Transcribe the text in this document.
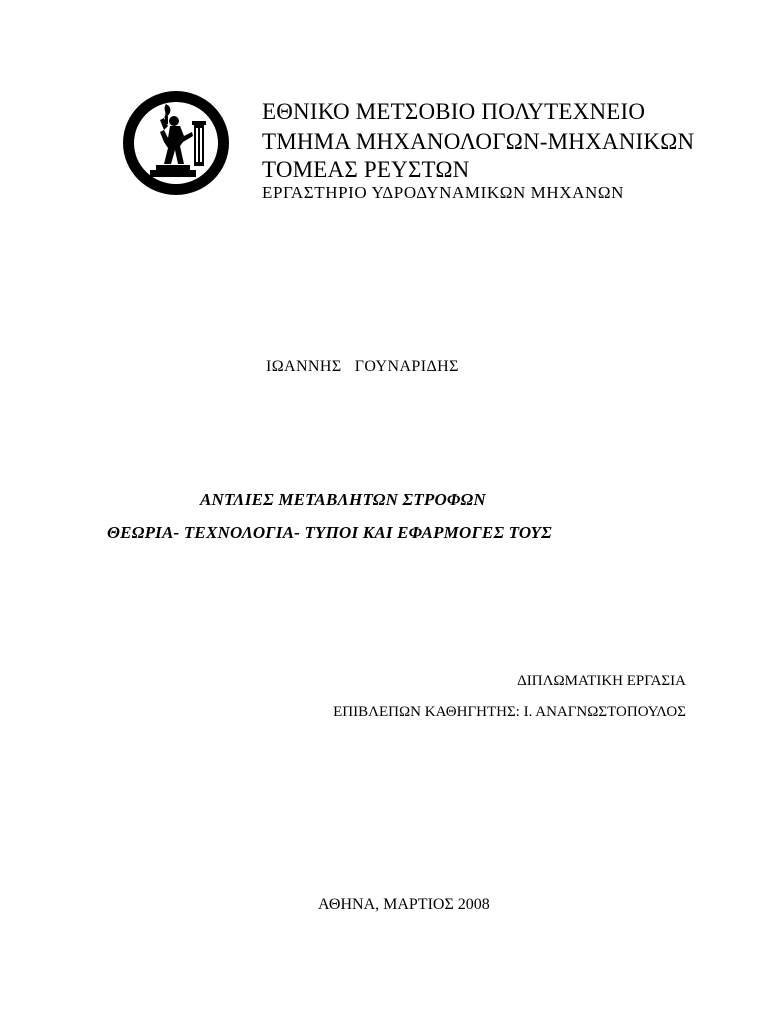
ΕΘΝΙΚΟ ΜΕΤΣΟΒΙΟ ΠΟΛΥΤΕΧΝΕΙΟ
ΤΜΗΜΑ ΜΗΧΑΝΟΛΟΓΩΝ-ΜΗΧΑΝΙΚΩΝ
ΤΟΜΕΑΣ ΡΕΥΣΤΩΝ
ΕΡΓΑΣΤΗΡΙΟ ΥΔΡΟΔΥΝΑΜΙΚΩΝ ΜΗΧΑΝΩΝ
ΙΩΑΝΝΗΣ   ΓΟΥΝΑΡΙΔΗΣ
ΑΝΤΛΙΕΣ ΜΕΤΑΒΛΗΤΩΝ ΣΤΡΟΦΩΝ
ΘΕΩΡΙΑ- ΤΕΧΝΟΛΟΓΙΑ- ΤΥΠΟΙ ΚΑΙ ΕΦΑΡΜΟΓΕΣ ΤΟΥΣ
ΔΙΠΛΩΜΑΤΙΚΗ ΕΡΓΑΣΙΑ
ΕΠΙΒΛΕΠΩΝ ΚΑΘΗΓΗΤΗΣ: Ι. ΑΝΑΓΝΩΣΤΟΠΟΥΛΟΣ
ΑΘΗΝΑ, ΜΑΡΤΙΟΣ 2008
